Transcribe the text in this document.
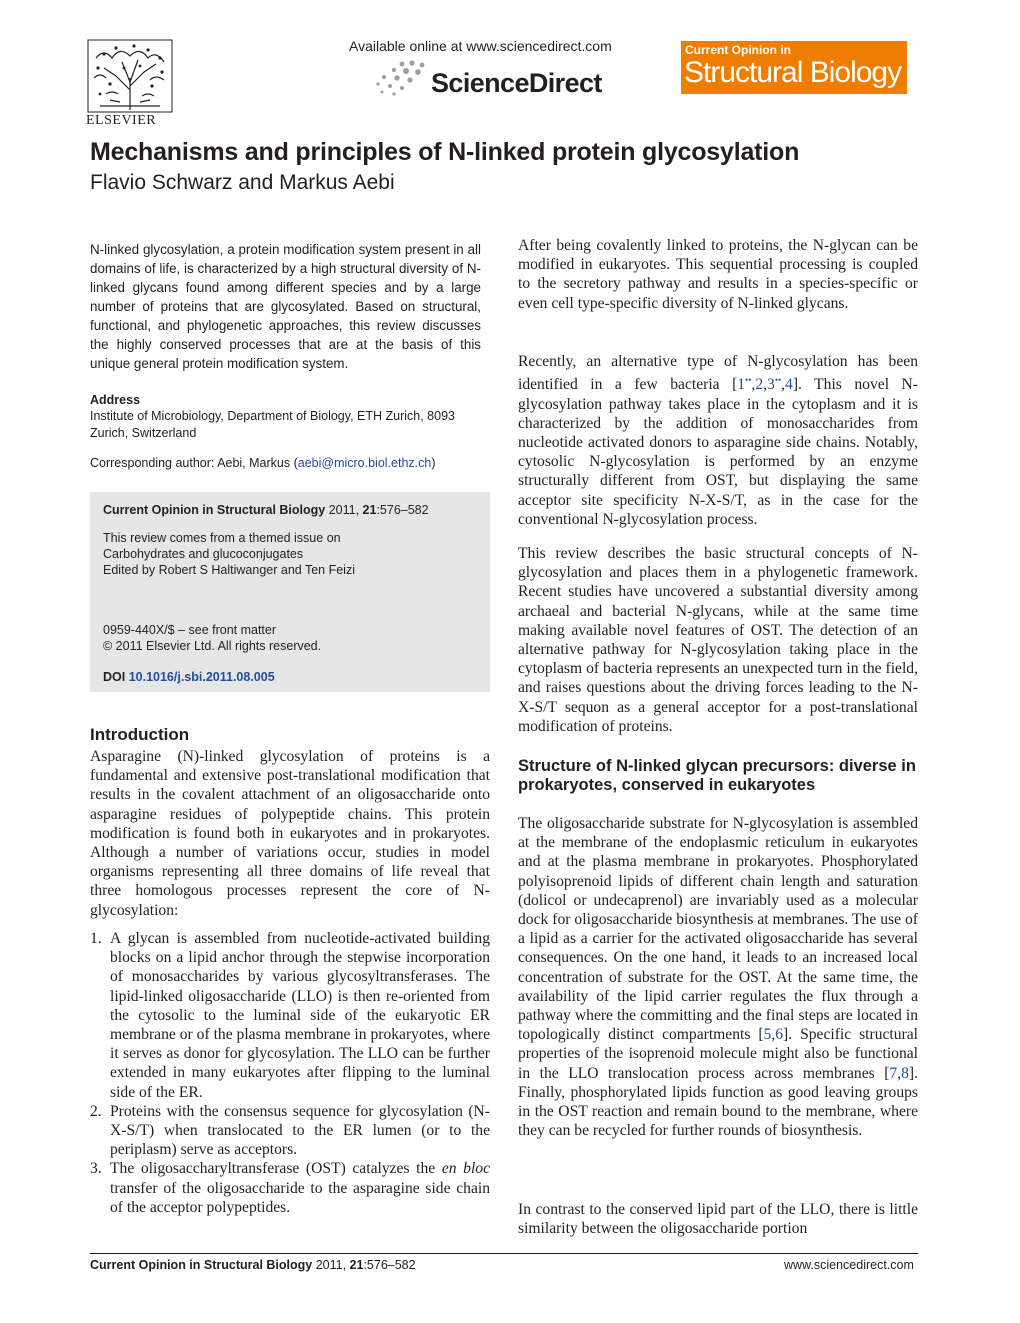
ELSEVIER
Available online at www.sciencedirect.com
ScienceDirect
Current Opinion in
Structural Biology
Mechanisms and principles of N-linked protein glycosylation
Flavio Schwarz and Markus Aebi

N-linked glycosylation, a protein modification system present in all domains of life, is characterized by a high structural diversity of N-linked glycans found among different species and by a large number of proteins that are glycosylated. Based on structural, functional, and phylogenetic approaches, this review discusses the highly conserved processes that are at the basis of this unique general protein modification system.

Address
Institute of Microbiology, Department of Biology, ETH Zurich, 8093
Zurich, Switzerland
Corresponding author: Aebi, Markus (aebi@micro.biol.ethz.ch)
Current Opinion in Structural Biology 2011, 21:576–582
This review comes from a themed issue on
Carbohydrates and glucoconjugates
Edited by Robert S Haltiwanger and Ten Feizi
0959-440X/$ – see front matter
© 2011 Elsevier Ltd. All rights reserved.
DOI 10.1016/j.sbi.2011.08.005
Introduction

Asparagine (N)-linked glycosylation of proteins is a fundamental and extensive post-translational modification that results in the covalent attachment of an oligosaccharide onto asparagine residues of polypeptide chains. This protein modification is found both in eukaryotes and in prokaryotes. Although a number of variations occur, studies in model organisms representing all three domains of life reveal that three homologous processes represent the core of N-glycosylation:

1. A glycan is assembled from nucleotide-activated building blocks on a lipid anchor through the stepwise incorporation of monosaccharides by various glycosyltransferases. The lipid-linked oligosaccharide (LLO) is then re-oriented from the cytosolic to the luminal side of the eukaryotic ER membrane or of the plasma membrane in prokaryotes, where it serves as donor for glycosylation. The LLO can be further extended in many eukaryotes after flipping to the luminal side of the ER.
2. Proteins with the consensus sequence for glycosylation (N-X-S/T) when translocated to the ER lumen (or to the periplasm) serve as acceptors.
3. The oligosaccharyltransferase (OST) catalyzes the en bloc transfer of the oligosaccharide to the asparagine side chain of the acceptor polypeptides.

After being covalently linked to proteins, the N-glycan can be modified in eukaryotes. This sequential processing is coupled to the secretory pathway and results in a species-specific or even cell type-specific diversity of N-linked glycans.

Recently, an alternative type of N-glycosylation has been identified in a few bacteria [1••,2,3••,4]. This novel N-glycosylation pathway takes place in the cytoplasm and it is characterized by the addition of monosaccharides from nucleotide activated donors to asparagine side chains. Notably, cytosolic N-glycosylation is performed by an enzyme structurally different from OST, but displaying the same acceptor site specificity N-X-S/T, as in the case for the conventional N-glycosylation process.

This review describes the basic structural concepts of N-glycosylation and places them in a phylogenetic framework. Recent studies have uncovered a substantial diversity among archaeal and bacterial N-glycans, while at the same time making available novel features of OST. The detection of an alternative pathway for N-glycosylation taking place in the cytoplasm of bacteria represents an unexpected turn in the field, and raises questions about the driving forces leading to the N-X-S/T sequon as a general acceptor for a post-translational modification of proteins.

Structure of N-linked glycan precursors: diverse in prokaryotes, conserved in eukaryotes

The oligosaccharide substrate for N-glycosylation is assembled at the membrane of the endoplasmic reticulum in eukaryotes and at the plasma membrane in prokaryotes. Phosphorylated polyisoprenoid lipids of different chain length and saturation (dolicol or undecaprenol) are invariably used as a molecular dock for oligosaccharide biosynthesis at membranes. The use of a lipid as a carrier for the activated oligosaccharide has several consequences. On the one hand, it leads to an increased local concentration of substrate for the OST. At the same time, the availability of the lipid carrier regulates the flux through a pathway where the committing and the final steps are located in topologically distinct compartments [5,6]. Specific structural properties of the isoprenoid molecule might also be functional in the LLO translocation process across membranes [7,8]. Finally, phosphorylated lipids function as good leaving groups in the OST reaction and remain bound to the membrane, where they can be recycled for further rounds of biosynthesis.

In contrast to the conserved lipid part of the LLO, there is little similarity between the oligosaccharide portion

Current Opinion in Structural Biology 2011, 21:576–582	www.sciencedirect.com
